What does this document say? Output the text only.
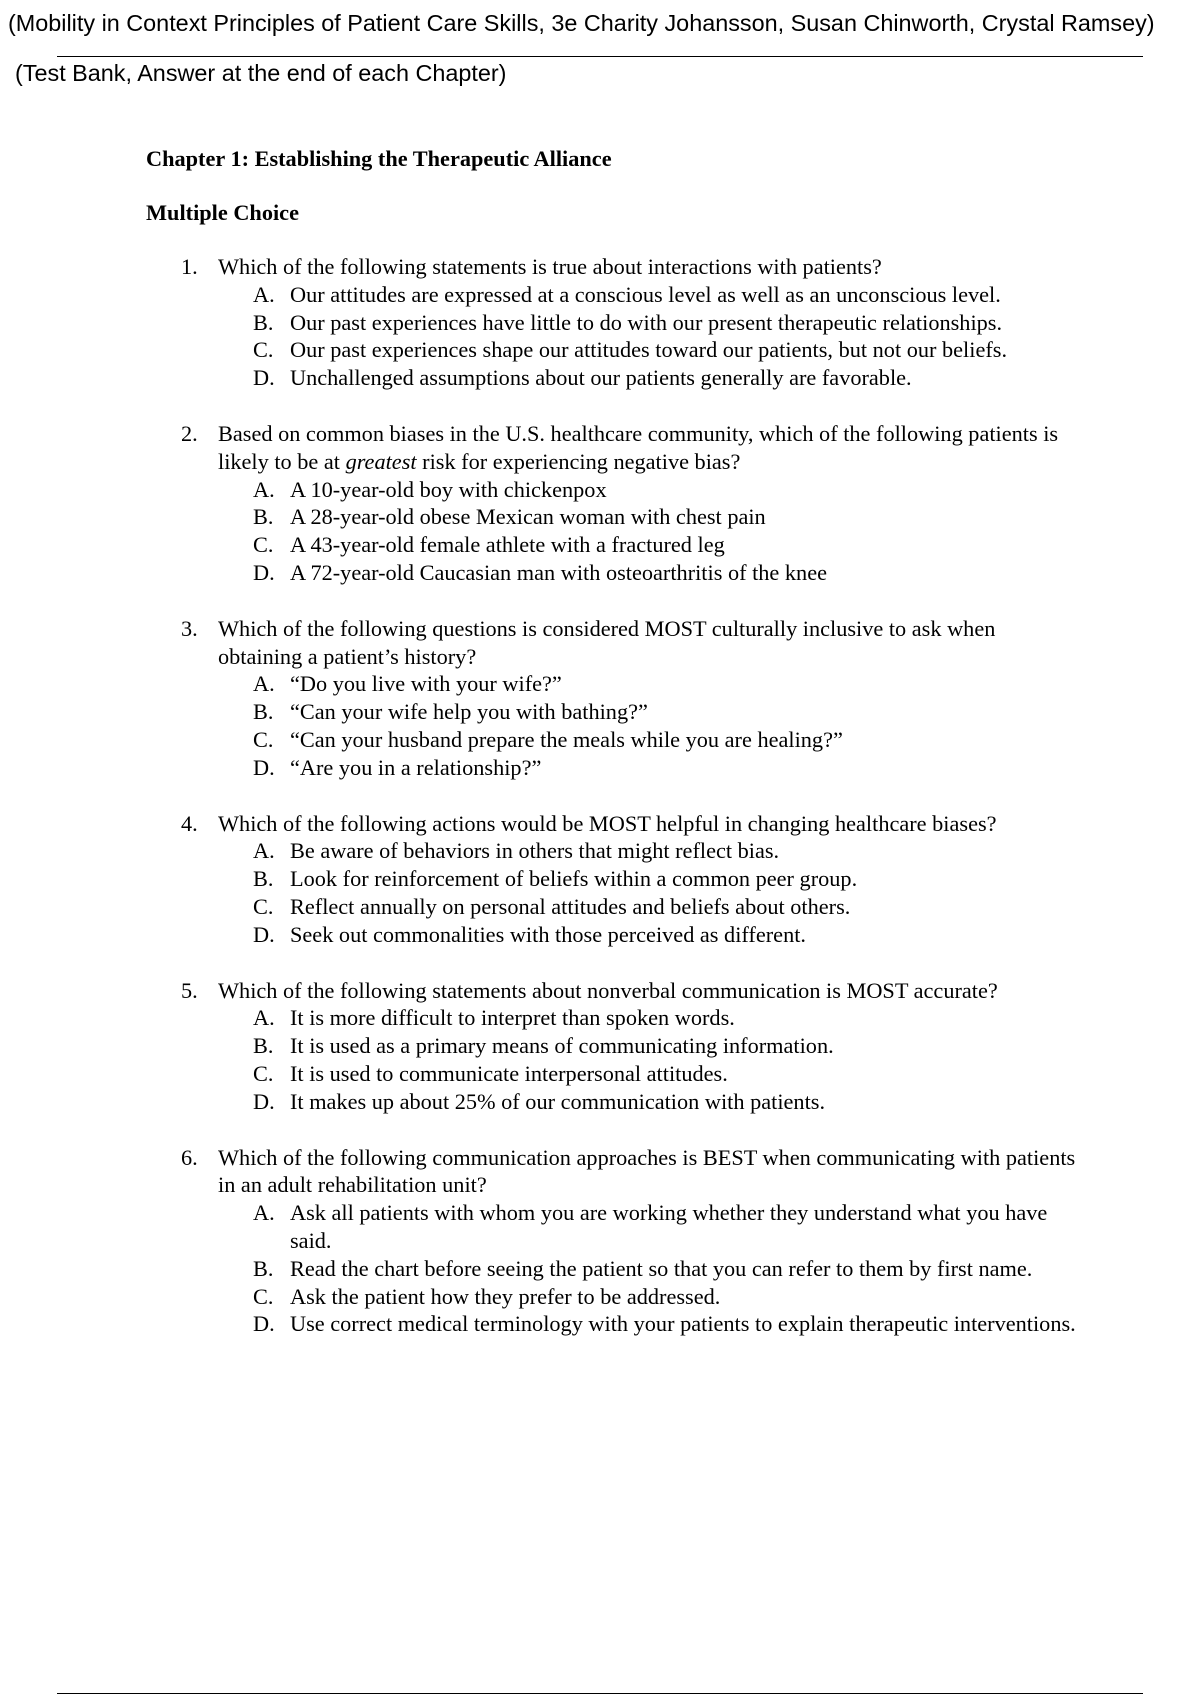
(Mobility in Context Principles of Patient Care Skills, 3e Charity Johansson, Susan Chinworth, Crystal Ramsey)
(Test Bank, Answer at the end of each Chapter)
Chapter 1: Establishing the Therapeutic Alliance
Multiple Choice
1. Which of the following statements is true about interactions with patients?
A. Our attitudes are expressed at a conscious level as well as an unconscious level.
B. Our past experiences have little to do with our present therapeutic relationships.
C. Our past experiences shape our attitudes toward our patients, but not our beliefs.
D. Unchallenged assumptions about our patients generally are favorable.
2. Based on common biases in the U.S. healthcare community, which of the following patients is likely to be at greatest risk for experiencing negative bias?
A. A 10-year-old boy with chickenpox
B. A 28-year-old obese Mexican woman with chest pain
C. A 43-year-old female athlete with a fractured leg
D. A 72-year-old Caucasian man with osteoarthritis of the knee
3. Which of the following questions is considered MOST culturally inclusive to ask when obtaining a patient’s history?
A. “Do you live with your wife?”
B. “Can your wife help you with bathing?”
C. “Can your husband prepare the meals while you are healing?”
D. “Are you in a relationship?”
4. Which of the following actions would be MOST helpful in changing healthcare biases?
A. Be aware of behaviors in others that might reflect bias.
B. Look for reinforcement of beliefs within a common peer group.
C. Reflect annually on personal attitudes and beliefs about others.
D. Seek out commonalities with those perceived as different.
5. Which of the following statements about nonverbal communication is MOST accurate?
A. It is more difficult to interpret than spoken words.
B. It is used as a primary means of communicating information.
C. It is used to communicate interpersonal attitudes.
D. It makes up about 25% of our communication with patients.
6. Which of the following communication approaches is BEST when communicating with patients in an adult rehabilitation unit?
A. Ask all patients with whom you are working whether they understand what you have said.
B. Read the chart before seeing the patient so that you can refer to them by first name.
C. Ask the patient how they prefer to be addressed.
D. Use correct medical terminology with your patients to explain therapeutic interventions.
